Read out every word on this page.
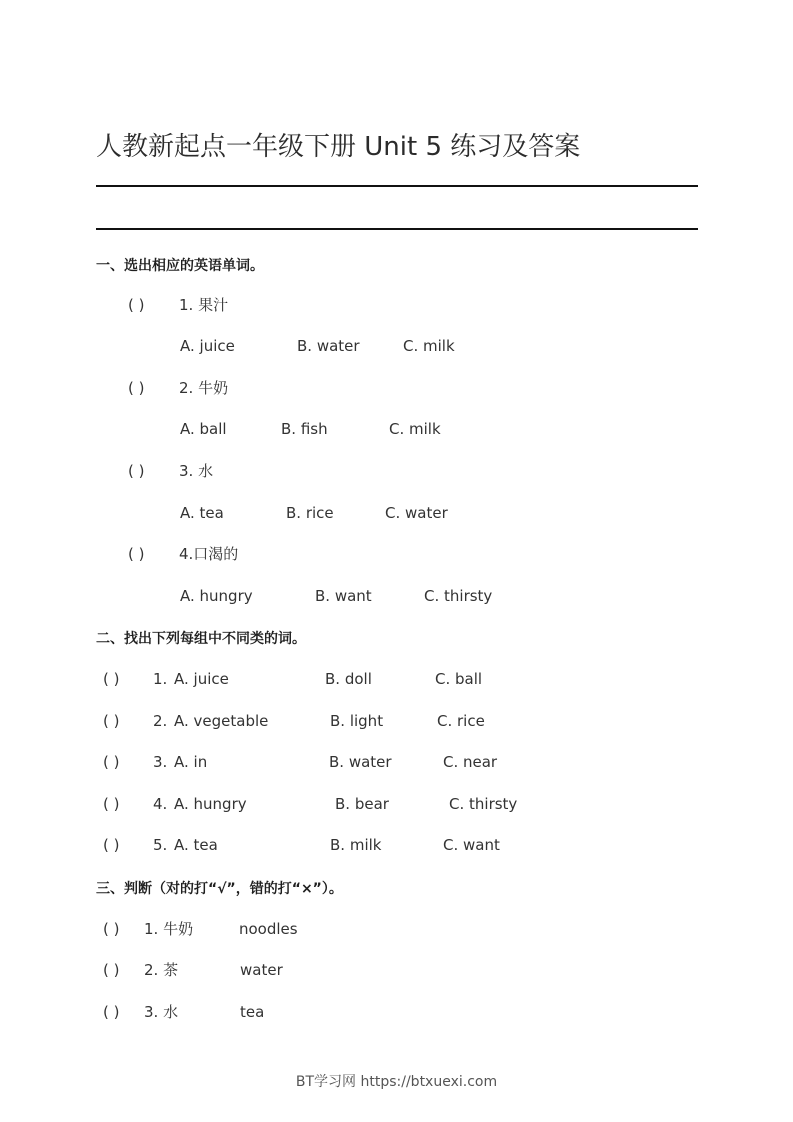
人教新起点一年级下册 Unit 5 练习及答案
一、选出相应的英语单词。
( ) 1. 果汁
A. juice	B. water	C. milk
( ) 2. 牛奶
A. ball	B. fish	C. milk
( ) 3. 水
A. tea	B. rice	C. water
( ) 4.口渴的
A. hungry	B. want	C. thirsty
二、找出下列每组中不同类的词。
( ) 1. A. juice	B. doll	C. ball
( ) 2. A. vegetable	B. light	C. rice
( ) 3. A. in	B. water	C. near
( ) 4. A. hungry	B. bear	C. thirsty
( ) 5. A. tea	B. milk	C. want
三、判断（对的打“√”，错的打“×”）。
( ) 1. 牛奶	noodles
( ) 2. 茶	water
( ) 3. 水	tea
BT学习网 https://btxuexi.com
